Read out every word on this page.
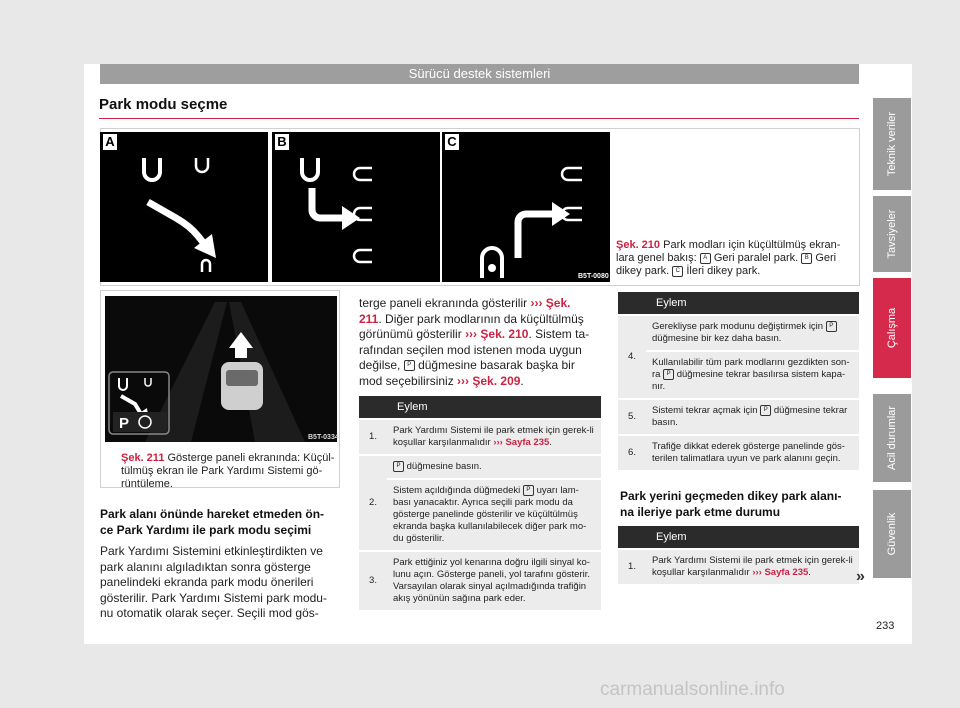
Sürücü destek sistemleri
Park modu seçme
A	B	C
B5T-0080
Şek. 210 Park modları için küçültülmüş ekran-
lara genel bakış: A Geri paralel park. B Geri
dikey park. C İleri dikey park.
P
B5T-0334
Şek. 211 Gösterge paneli ekranında: Küçül-
tülmüş ekran ile Park Yardımı Sistemi gö-
rüntüleme.
Park alanı önünde hareket etmeden ön-
ce Park Yardımı ile park modu seçimi
Park Yardımı Sistemini etkinleştirdikten ve
park alanını algıladıktan sonra gösterge
panelindeki ekranda park modu önerileri
gösterilir. Park Yardımı Sistemi park modu-
nu otomatik olarak seçer. Seçili mod gös-
terge paneli ekranında gösterilir ››› Şek.
211. Diğer park modlarının da küçültülmüş
görünümü gösterilir ››› Şek. 210. Sistem ta-
rafından seçilen mod istenen moda uygun
değilse, P düğmesine basarak başka bir
mod seçebilirsiniz ››› Şek. 209.
	Eylem
1.	Park Yardımı Sistemi ile park etmek için gerek-li koşullar karşılanmalıdır ››› Sayfa 235.
2.	P düğmesine basın.
	Sistem açıldığında düğmedeki P uyarı lam-bası yanacaktır. Ayrıca seçili park modu da gösterge panelinde gösterilir ve küçültülmüş ekranda başka kullanılabilecek diğer park mo-du gösterilir.
3.	Park ettiğiniz yol kenarına doğru ilgili sinyal ko-lunu açın. Gösterge paneli, yol tarafını gösterir. Varsayılan olarak sinyal açılmadığında trafiğin akış yönünün sağına park eder.
	Eylem
4.	Gerekliyse park modunu değiştirmek için P düğmesine bir kez daha basın.
	Kullanılabilir tüm park modlarını gezdikten son-ra P düğmesine tekrar basılırsa sistem kapa-nır.
5.	Sistemi tekrar açmak için P düğmesine tekrar basın.
6.	Trafiğe dikkat ederek gösterge panelinde gös-terilen talimatlara uyun ve park alanını geçin.
Park yerini geçmeden dikey park alanı-
na ileriye park etme durumu
	Eylem
1.	Park Yardımı Sistemi ile park etmek için gerek-li koşullar karşılanmalıdır ››› Sayfa 235.	»
Teknik veriler
Tavsiyeler
Çalışma
Acil durumlar
Güvenlik
233
carmanualsonline.info
